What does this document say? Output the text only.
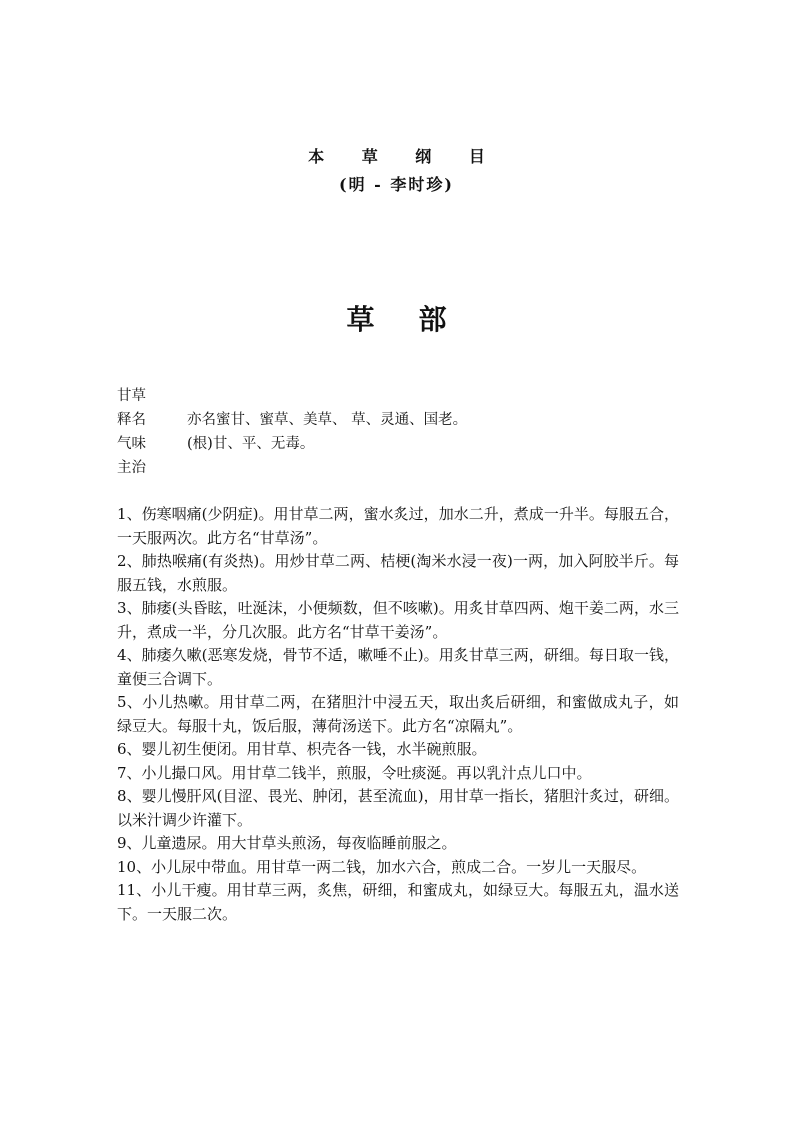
本 草 纲 目
(明 - 李时珍)
草部
甘草
释名	亦名蜜甘、蜜草、美草、 草、灵通、国老。
气味	(根)甘、平、无毒。
主治
1、伤寒咽痛(少阴症)。用甘草二两，蜜水炙过，加水二升，煮成一升半。每服五合，一天服两次。此方名“甘草汤”。
2、肺热喉痛(有炎热)。用炒甘草二两、桔梗(淘米水浸一夜)一两，加入阿胶半斤。每服五钱，水煎服。
3、肺痿(头昏眩，吐涎沫，小便频数，但不咳嗽)。用炙甘草四两、炮干姜二两，水三升，煮成一半，分几次服。此方名“甘草干姜汤”。
4、肺痿久嗽(恶寒发烧，骨节不适，嗽唾不止)。用炙甘草三两，研细。每日取一钱，童便三合调下。
5、小儿热嗽。用甘草二两，在猪胆汁中浸五天，取出炙后研细，和蜜做成丸子，如绿豆大。每服十丸，饭后服，薄荷汤送下。此方名“凉隔丸”。
6、婴儿初生便闭。用甘草、枳壳各一钱，水半碗煎服。
7、小儿撮口风。用甘草二钱半，煎服，令吐痰涎。再以乳汁点儿口中。
8、婴儿慢肝风(目涩、畏光、肿闭，甚至流血)，用甘草一指长，猪胆汁炙过，研细。以米汁调少许灌下。
9、儿童遗尿。用大甘草头煎汤，每夜临睡前服之。
10、小儿尿中带血。用甘草一两二钱，加水六合，煎成二合。一岁儿一天服尽。
11、小儿干瘦。用甘草三两，炙焦，研细，和蜜成丸，如绿豆大。每服五丸，温水送下。一天服二次。
